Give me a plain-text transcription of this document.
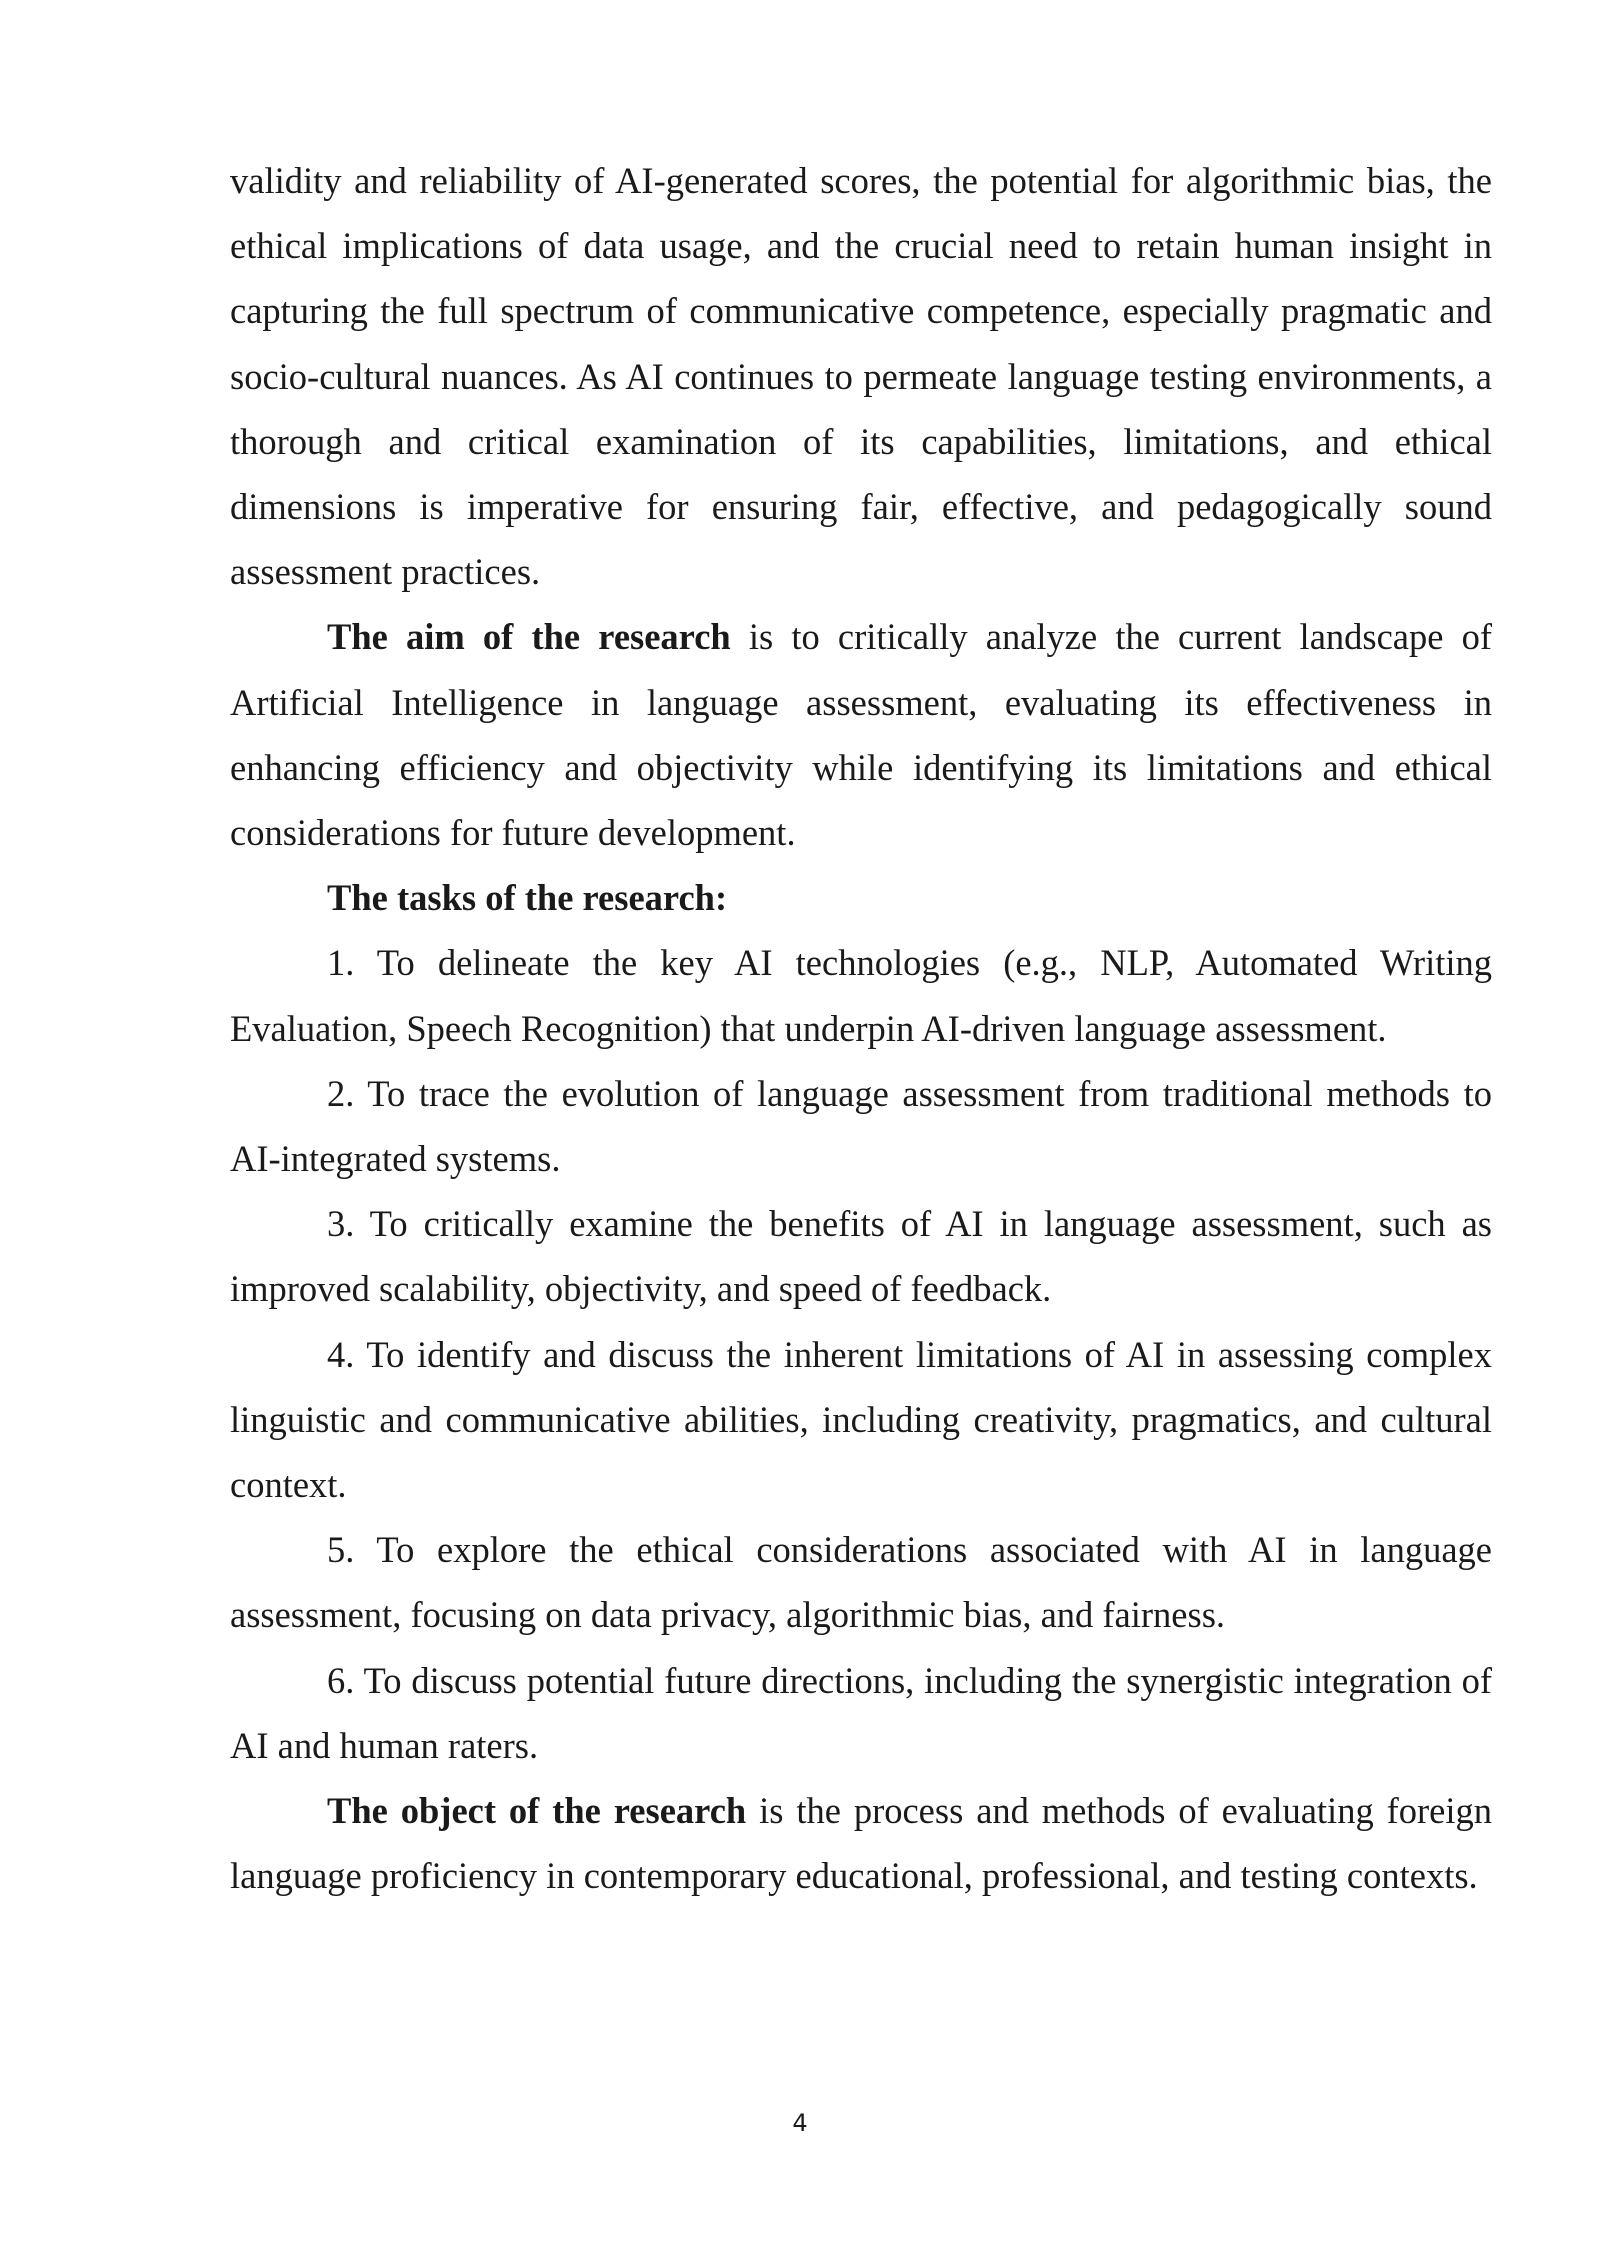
validity and reliability of AI-generated scores, the potential for algorithmic bias, the ethical implications of data usage, and the crucial need to retain human insight in capturing the full spectrum of communicative competence, especially pragmatic and socio-cultural nuances. As AI continues to permeate language testing environments, a thorough and critical examination of its capabilities, limitations, and ethical dimensions is imperative for ensuring fair, effective, and pedagogically sound assessment practices.

The aim of the research is to critically analyze the current landscape of Artificial Intelligence in language assessment, evaluating its effectiveness in enhancing efficiency and objectivity while identifying its limitations and ethical considerations for future development.

The tasks of the research:

1. To delineate the key AI technologies (e.g., NLP, Automated Writing Evaluation, Speech Recognition) that underpin AI-driven language assessment.

2. To trace the evolution of language assessment from traditional methods to AI-integrated systems.

3. To critically examine the benefits of AI in language assessment, such as improved scalability, objectivity, and speed of feedback.

4. To identify and discuss the inherent limitations of AI in assessing complex linguistic and communicative abilities, including creativity, pragmatics, and cultural context.

5. To explore the ethical considerations associated with AI in language assessment, focusing on data privacy, algorithmic bias, and fairness.

6. To discuss potential future directions, including the synergistic integration of AI and human raters.

The object of the research is the process and methods of evaluating foreign language proficiency in contemporary educational, professional, and testing contexts.

4
